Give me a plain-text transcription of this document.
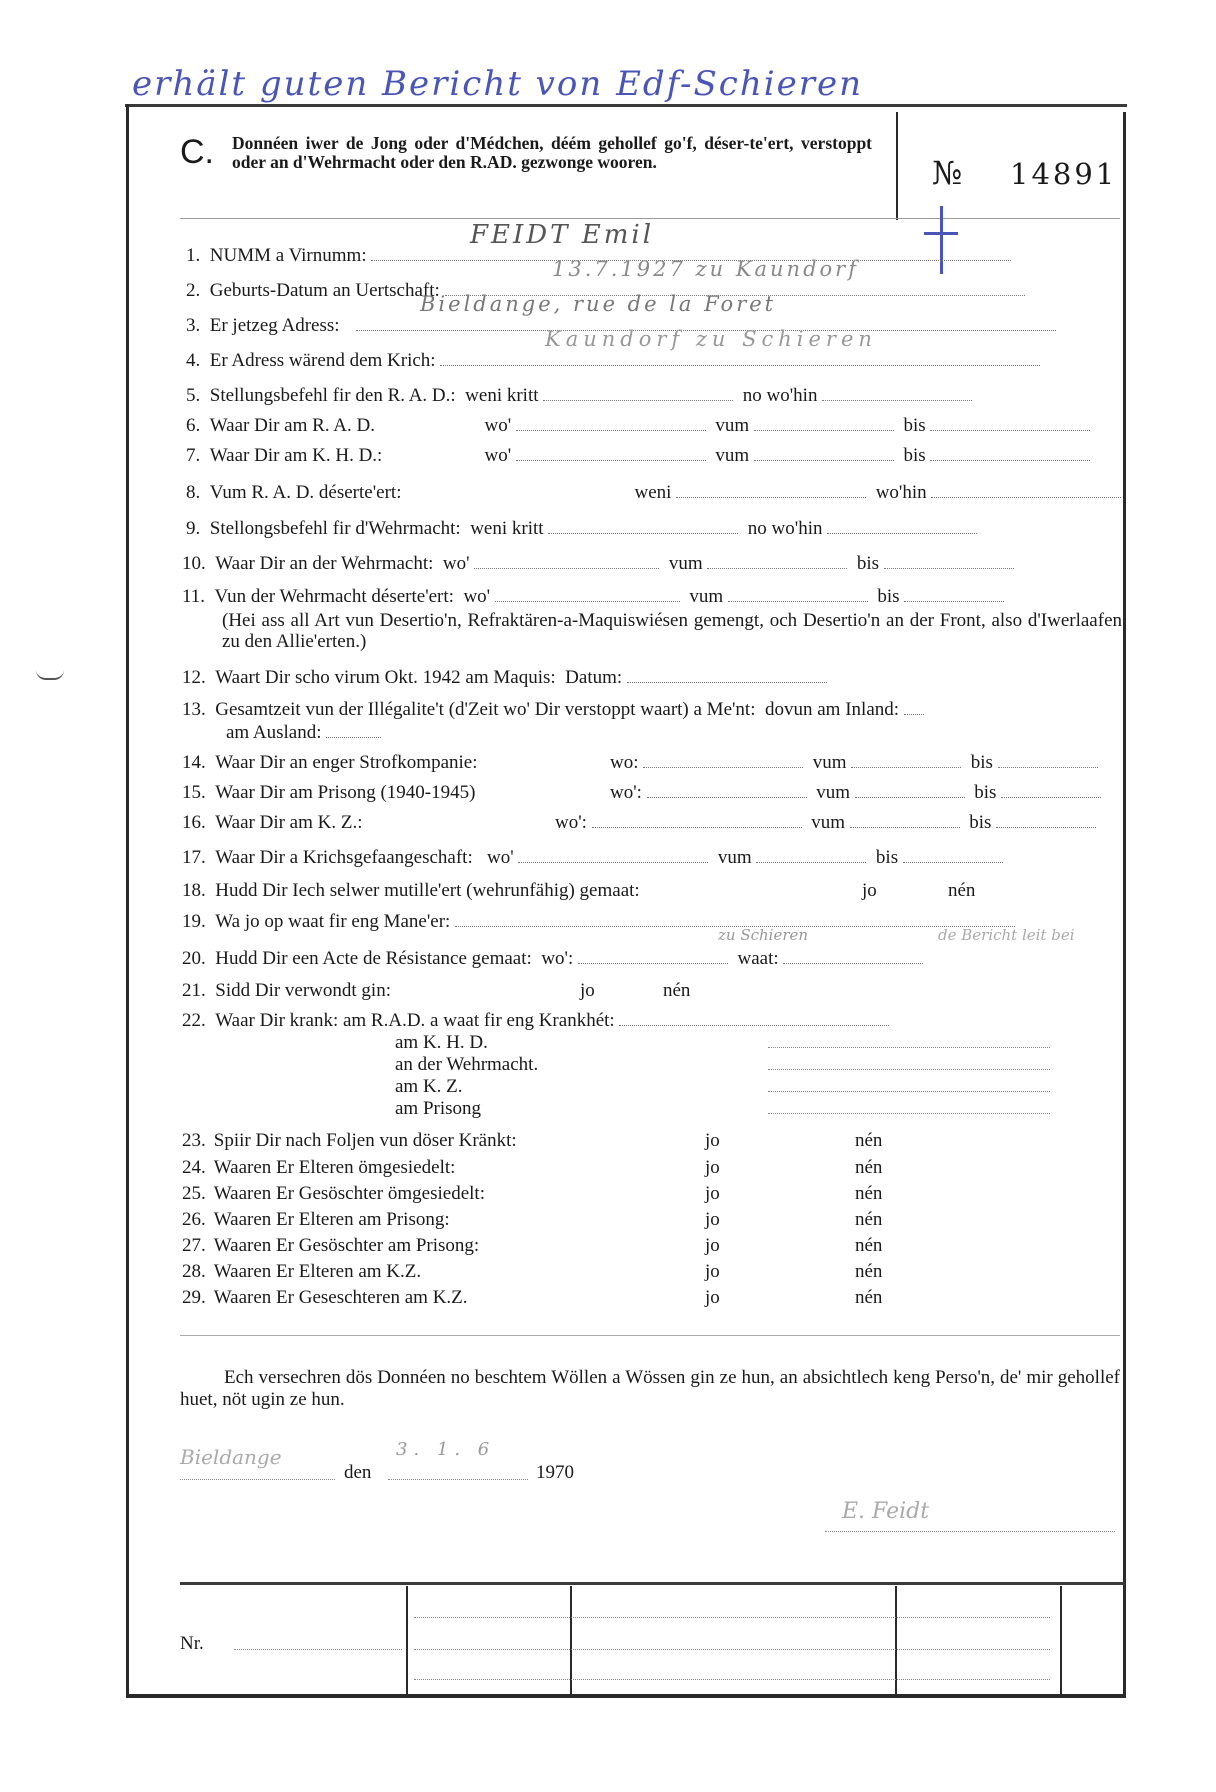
erhält guten Bericht von Edf-Schieren
C. Donnéen iwer de Jong oder d'Médchen, déém gehollef go'f, déser-te'ert, verstoppt oder an d'Wehrmacht oder den R.AD. gezwonge wooren.	№ 14891
1. NUMM a Virnumm:
FEIDT Emil
2. Geburts-Datum an Uertschaft:
13.7.1927 zu Kaundorf
3. Er jetzeg Adress:
Bieldange, rue de la Foret
4. Er Adress wärend dem Krich:
Kaundorf zu Schieren
5. Stellungsbefehl fir den R. A. D.: weni kritt	no wo'hin
6. Waar Dir am R. A. D.	wo'	vum	bis
7. Waar Dir am K. H. D.:	wo'	vum	bis
8. Vum R. A. D. déserte'ert:	weni	wo'hin
9. Stellongsbefehl fir d'Wehrmacht: weni kritt	no wo'hin
10. Waar Dir an der Wehrmacht: wo'	vum	bis
11. Vun der Wehrmacht déserte'ert: wo'	vum	bis
(Hei ass all Art vun Desertio'n, Refraktären-a-Maquiswiésen gemengt, och Desertio'n an der Front, also d'Iwerlaafen zu den Allie'erten.)
12. Waart Dir scho virum Okt. 1942 am Maquis: Datum:
13. Gesamtzeit vun der Illégalite't (d'Zeit wo' Dir verstoppt waart) a Me'nt: dovun am Inland:
am Ausland:
14. Waar Dir an enger Strofkompanie:	wo:	vum	bis
15. Waar Dir am Prisong (1940-1945)	wo':	vum	bis
16. Waar Dir am K. Z.:	wo':	vum	bis
17. Waar Dir a Krichsgefaangeschaft: wo'	vum	bis
18. Hudd Dir Iech selwer mutille'ert (wehrunfähig) gemaat:	jo	nén
19. Wa jo op waat fir eng Mane'er:
20. Hudd Dir een Acte de Résistance gemaat: wo':	waat:
zu Schieren	de Bericht leit bei
21. Sidd Dir verwondt gin:	jo	nén
22. Waar Dir krank: am R.A.D. a waat fir eng Krankhét:
am K. H. D.
an der Wehrmacht.
am K. Z.
am Prisong
23. Spiir Dir nach Foljen vun döser Kränkt:	jo	nén
24. Waaren Er Elteren ömgesiedelt:	jo	nén
25. Waaren Er Gesöschter ömgesiedelt:	jo	nén
26. Waaren Er Elteren am Prisong:	jo	nén
27. Waaren Er Gesöschter am Prisong:	jo	nén
28. Waaren Er Elteren am K.Z.	jo	nén
29. Waaren Er Geseschteren am K.Z.	jo	nén
Ech versechren dös Donnéen no beschtem Wöllen a Wössen gin ze hun, an absichtlech keng Perso'n, de' mir gehollef huet, nöt ugin ze hun.
Bieldange
den
3. 1. 6
1970
E. Feidt
Nr.
